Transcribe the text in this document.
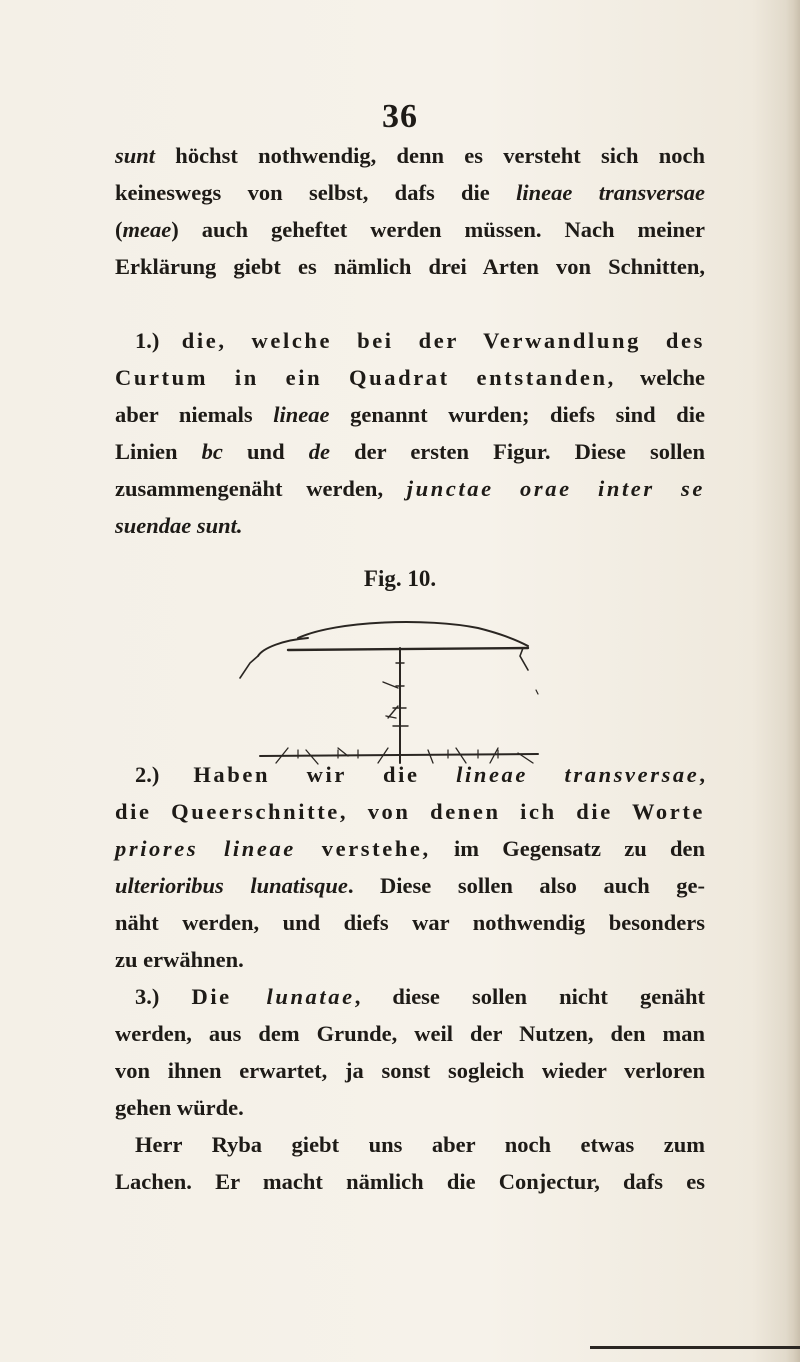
36

sunt höchst nothwendig, denn es versteht sich noch
keineswegs von selbst, dafs die lineae transversae
(meae) auch geheftet werden müssen. Nach meiner
Erklärung giebt es nämlich drei Arten von Schnitten,

1.) die, welche bei der Verwandlung des
Curtum in ein Quadrat entstanden, welche
aber niemals lineae genannt wurden; diefs sind die
Linien bc und de der ersten Figur. Diese sollen
zusammengenäht werden, junctae orae inter se
suendae sunt.

Fig. 10.

2.) Haben wir die lineae transversae,
die Queerschnitte, von denen ich die Worte
priores lineae verstehe, im Gegensatz zu den
ulterioribus lunatisque. Diese sollen also auch ge-
näht werden, und diefs war nothwendig besonders
zu erwähnen.

3.) Die lunatae, diese sollen nicht genäht
werden, aus dem Grunde, weil der Nutzen, den man
von ihnen erwartet, ja sonst sogleich wieder verloren
gehen würde.

Herr Ryba giebt uns aber noch etwas zum
Lachen. Er macht nämlich die Conjectur, dafs es
